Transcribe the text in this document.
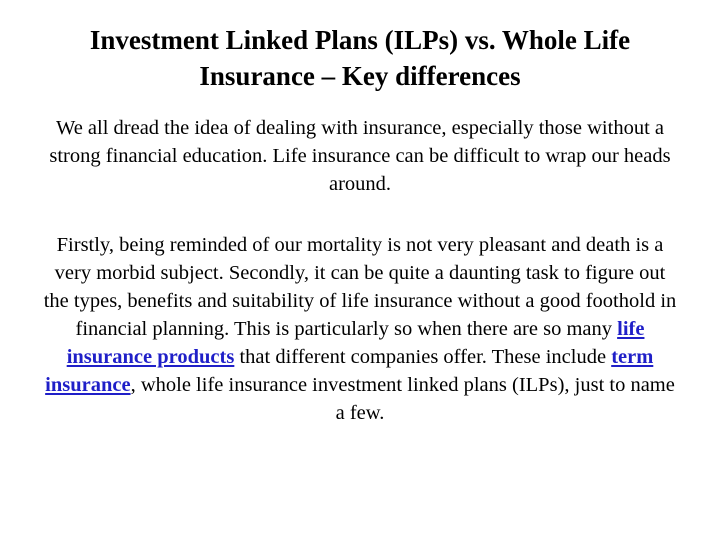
Investment Linked Plans (ILPs) vs. Whole Life
Insurance – Key differences

We all dread the idea of dealing with insurance, especially those without a strong financial education. Life insurance can be difficult to wrap our heads around.

Firstly, being reminded of our mortality is not very pleasant and death is a very morbid subject. Secondly, it can be quite a daunting task to figure out the types, benefits and suitability of life insurance without a good foothold in financial planning. This is particularly so when there are so many life insurance products that different companies offer. These include term insurance, whole life insurance investment linked plans (ILPs), just to name a few.
